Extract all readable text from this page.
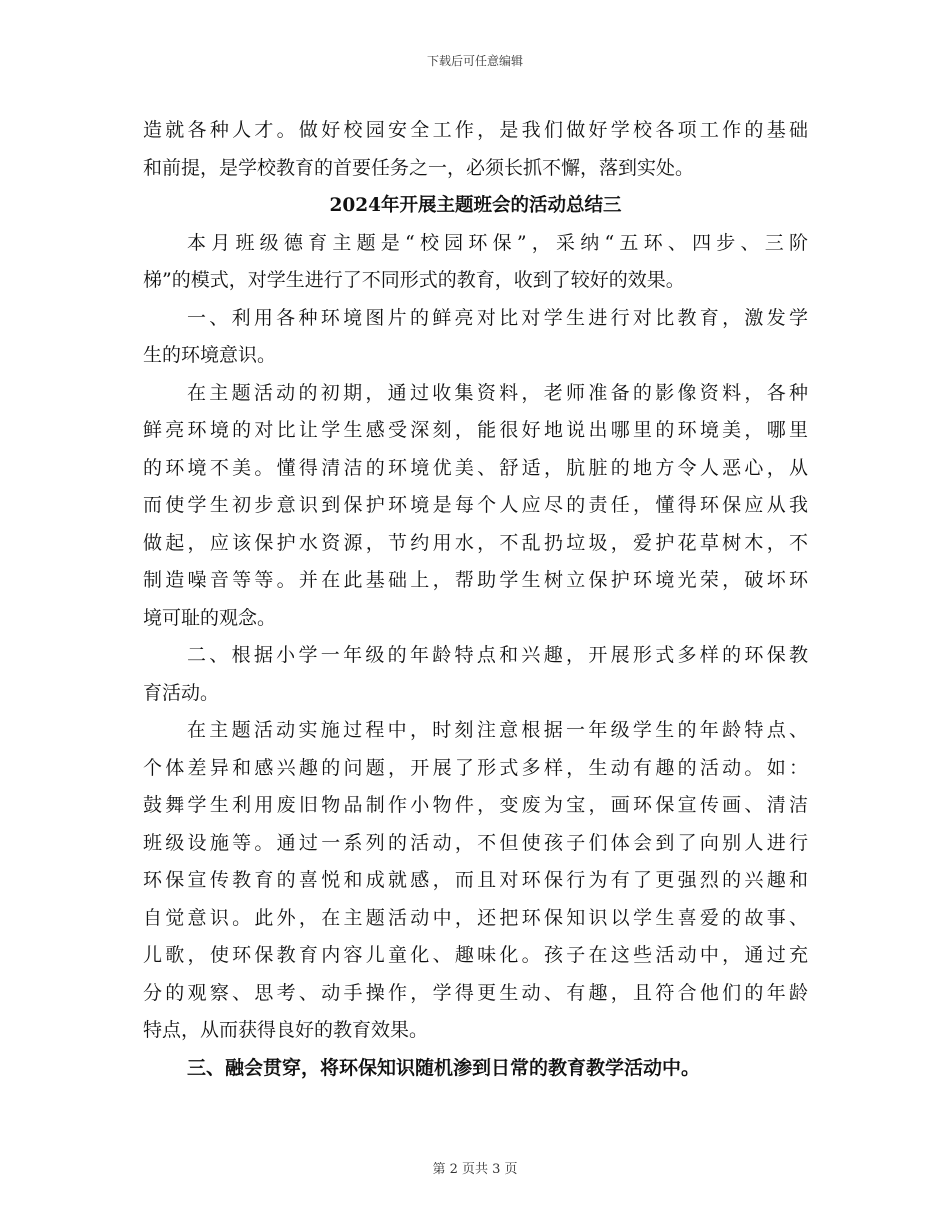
下载后可任意编辑
造就各种人才。做好校园安全工作，是我们做好学校各项工作的基础
和前提，是学校教育的首要任务之一，必须长抓不懈，落到实处。
2024年开展主题班会的活动总结三
本月班级德育主题是“校园环保”，采纳“五环、四步、三阶
梯”的模式，对学生进行了不同形式的教育，收到了较好的效果。
一、利用各种环境图片的鲜亮对比对学生进行对比教育，激发学
生的环境意识。
在主题活动的初期，通过收集资料，老师准备的影像资料，各种
鲜亮环境的对比让学生感受深刻，能很好地说出哪里的环境美，哪里
的环境不美。懂得清洁的环境优美、舒适，肮脏的地方令人恶心，从
而使学生初步意识到保护环境是每个人应尽的责任，懂得环保应从我
做起，应该保护水资源，节约用水，不乱扔垃圾，爱护花草树木，不
制造噪音等等。并在此基础上，帮助学生树立保护环境光荣，破坏环
境可耻的观念。
二、根据小学一年级的年龄特点和兴趣，开展形式多样的环保教
育活动。
在主题活动实施过程中，时刻注意根据一年级学生的年龄特点、
个体差异和感兴趣的问题，开展了形式多样，生动有趣的活动。如：
鼓舞学生利用废旧物品制作小物件，变废为宝，画环保宣传画、清洁
班级设施等。通过一系列的活动，不但使孩子们体会到了向别人进行
环保宣传教育的喜悦和成就感，而且对环保行为有了更强烈的兴趣和
自觉意识。此外，在主题活动中，还把环保知识以学生喜爱的故事、
儿歌，使环保教育内容儿童化、趣味化。孩子在这些活动中，通过充
分的观察、思考、动手操作，学得更生动、有趣，且符合他们的年龄
特点，从而获得良好的教育效果。
三、融会贯穿，将环保知识随机渗到日常的教育教学活动中。
第 2 页共 3 页
